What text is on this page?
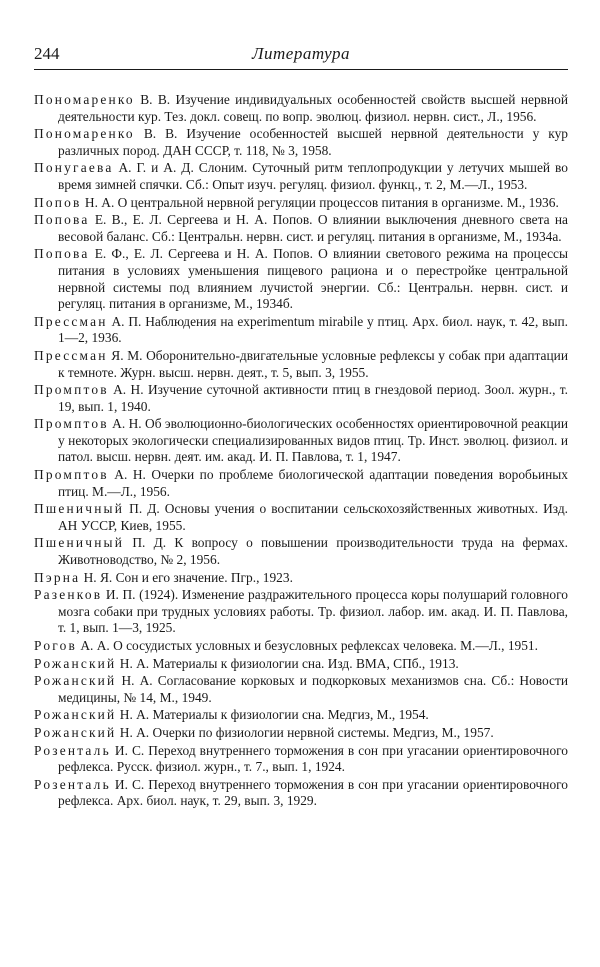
244	Литература

Пономаренко В. В. Изучение индивидуальных особенностей свойств высшей нервной деятельности кур. Тез. докл. совещ. по вопр. эволюц. физиол. нервн. сист., Л., 1956.

Пономаренко В. В. Изучение особенностей высшей нервной деятельности у кур различных пород. ДАН СССР, т. 118, № 3, 1958.

Понугаева А. Г. и А. Д. Слоним. Суточный ритм теплопродукции у летучих мышей во время зимней спячки. Сб.: Опыт изуч. регуляц. физиол. функц., т. 2, М.—Л., 1953.

Попов Н. А. О центральной нервной регуляции процессов питания в организме. М., 1936.

Попова Е. В., Е. Л. Сергеева и Н. А. Попов. О влиянии выключения дневного света на весовой баланс. Сб.: Центральн. нервн. сист. и регуляц. питания в организме, М., 1934а.

Попова Е. Ф., Е. Л. Сергеева и Н. А. Попов. О влиянии светового режима на процессы питания в условиях уменьшения пищевого рациона и о перестройке центральной нервной системы под влиянием лучистой энергии. Сб.: Центральн. нервн. сист. и регуляц. питания в организме, М., 1934б.

Прессман А. П. Наблюдения на experimentum mirabile у птиц. Арх. биол. наук, т. 42, вып. 1—2, 1936.

Прессман Я. М. Оборонительно-двигательные условные рефлексы у собак при адаптации к темноте. Журн. высш. нервн. деят., т. 5, вып. 3, 1955.

Промптов А. Н. Изучение суточной активности птиц в гнездовой период. Зоол. журн., т. 19, вып. 1, 1940.

Промптов А. Н. Об эволюционно-биологических особенностях ориентировочной реакции у некоторых экологически специализированных видов птиц. Тр. Инст. эволюц. физиол. и патол. высш. нервн. деят. им. акад. И. П. Павлова, т. 1, 1947.

Промптов А. Н. Очерки по проблеме биологической адаптации поведения воробьиных птиц. М.—Л., 1956.

Пшеничный П. Д. Основы учения о воспитании сельскохозяйственных животных. Изд. АН УССР, Киев, 1955.

Пшеничный П. Д. К вопросу о повышении производительности труда на фермах. Животноводство, № 2, 1956.

Пэрна Н. Я. Сон и его значение. Пгр., 1923.

Разенков И. П. (1924). Изменение раздражительного процесса коры полушарий головного мозга собаки при трудных условиях работы. Тр. физиол. лабор. им. акад. И. П. Павлова, т. 1, вып. 1—3, 1925.

Рогов А. А. О сосудистых условных и безусловных рефлексах человека. М.—Л., 1951.

Рожанский Н. А. Материалы к физиологии сна. Изд. ВМА, СПб., 1913.

Рожанский Н. А. Согласование корковых и подкорковых механизмов сна. Сб.: Новости медицины, № 14, М., 1949.

Рожанский Н. А. Материалы к физиологии сна. Медгиз, М., 1954.

Рожанский Н. А. Очерки по физиологии нервной системы. Медгиз, М., 1957.

Розенталь И. С. Переход внутреннего торможения в сон при угасании ориентировочного рефлекса. Русск. физиол. журн., т. 7., вып. 1, 1924.

Розенталь И. С. Переход внутреннего торможения в сон при угасании ориентировочного рефлекса. Арх. биол. наук, т. 29, вып. 3, 1929.
